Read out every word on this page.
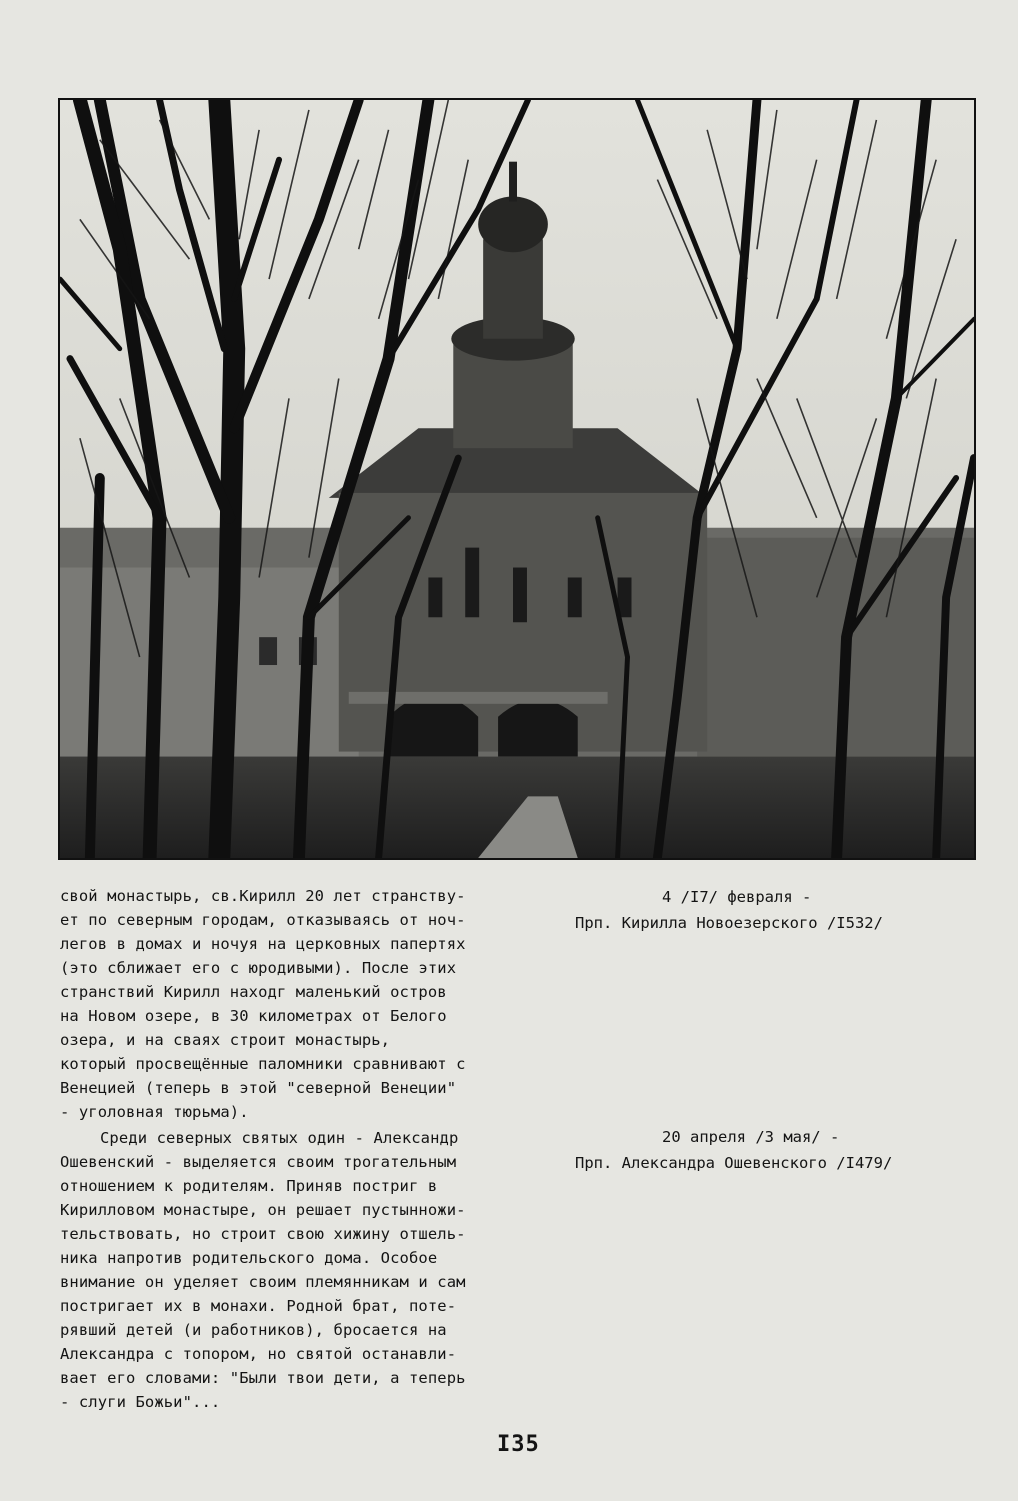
свой монастырь, св.Кирилл 20 лет странству-
ет по северным городам, отказываясь от ноч-
легов в домах и ночуя на церковных папертях
(это сближает его с юродивыми). После этих
странствий Кирилл находг маленький остров
на Новом озере, в 30 километрах от Белого
озера, и на сваях строит монастырь,
который просвещённые паломники сравнивают с
Венецией (теперь в этой "северной Венеции"
- уголовная тюрьма).

Среди северных святых один - Александр
Ошевенский - выделяется своим трогательным
отношением к родителям. Приняв постриг в
Кирилловом монастыре, он решает пустынножи-
тельствовать, но строит свою хижину отшель-
ника напротив родительского дома. Особое
внимание он уделяет своим племянникам и сам
постригает их в монахи. Родной брат, поте-
рявший детей (и работников), бросается на
Александра с топором, но святой останавли-
вает его словами: "Были твои дети, а теперь
- слуги Божьи"...

4 /I7/ февраля -
Прп. Кирилла Новоезерского /I532/
20 апреля /3 мая/ -
Прп. Александра Ошевенского /I479/
I35
